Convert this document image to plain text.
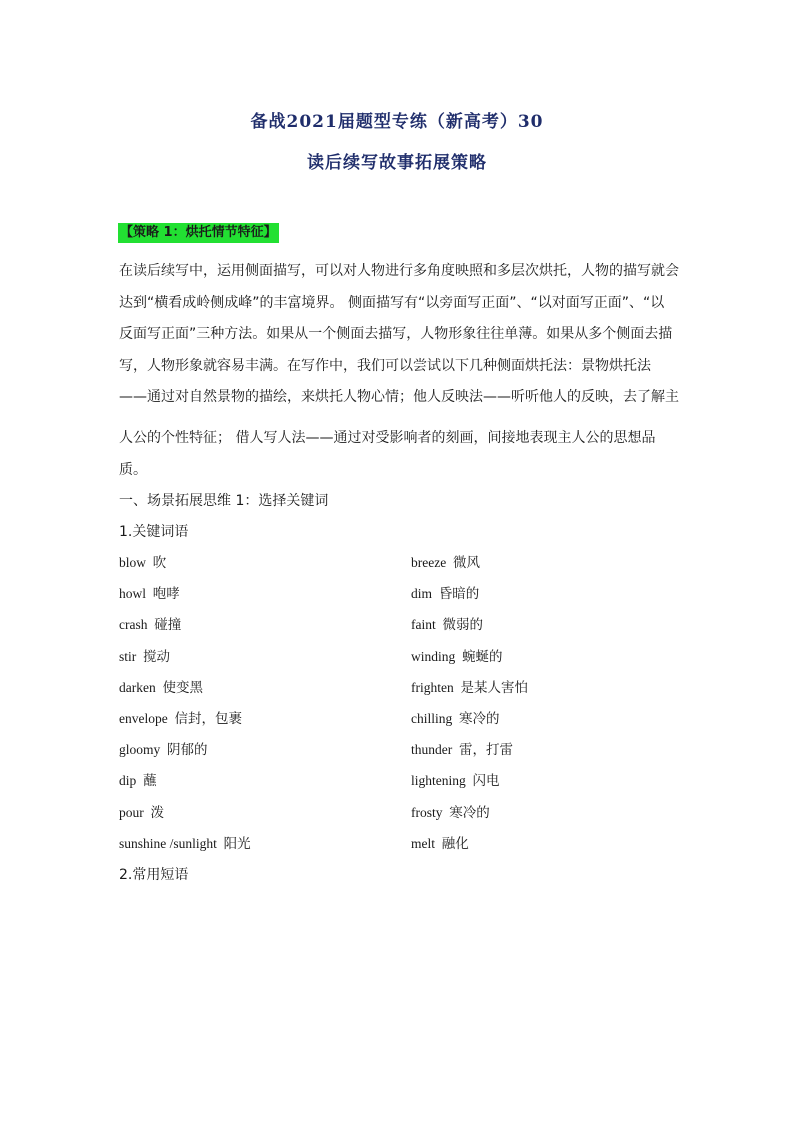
备战2021届题型专练（新高考）30
读后续写故事拓展策略
【策略 1：烘托情节特征】
在读后续写中，运用侧面描写，可以对人物进行多角度映照和多层次烘托，人物的描写就会
达到“横看成岭侧成峰”的丰富境界。 侧面描写有“以旁面写正面”、“以对面写正面”、“以
反面写正面”三种方法。如果从一个侧面去描写，人物形象往往单薄。如果从多个侧面去描
写，人物形象就容易丰满。在写作中，我们可以尝试以下几种侧面烘托法：景物烘托法
——通过对自然景物的描绘，来烘托人物心情；他人反映法——听听他人的反映，去了解主
人公的个性特征； 借人写人法——通过对受影响者的刻画，间接地表现主人公的思想品
质。
一、场景拓展思维 1：选择关键词
1.关键词语
blow 吹	breeze 微风
howl 咆哮	dim 昏暗的
crash 碰撞	faint 微弱的
stir 搅动	winding 蜿蜒的
darken 使变黑	frighten 是某人害怕
envelope 信封，包裹	chilling 寒冷的
gloomy 阴郁的	thunder 雷，打雷
dip 蘸	lightening 闪电
pour 泼	frosty 寒冷的
sunshine /sunlight 阳光	melt 融化
2.常用短语
